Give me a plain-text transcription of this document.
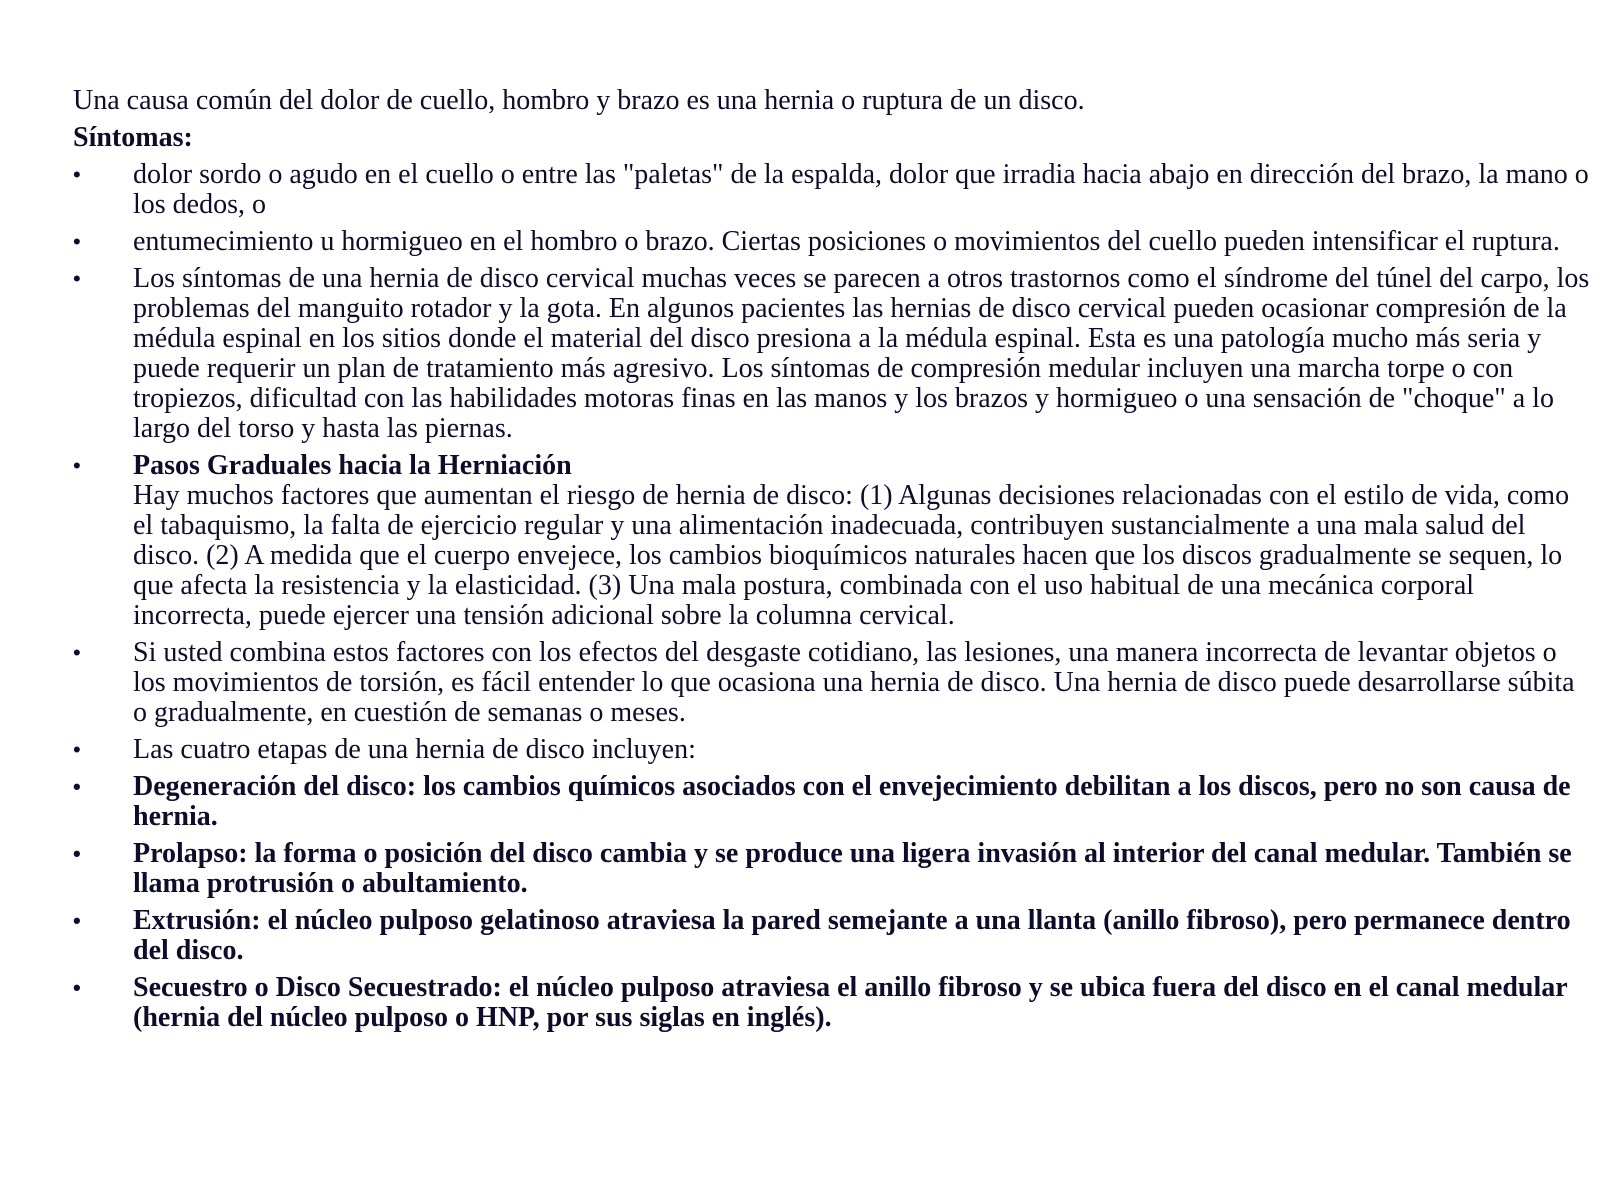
Una causa común del dolor de cuello, hombro y brazo es una hernia o ruptura de un disco.

Síntomas:

•	dolor sordo o agudo en el cuello o entre las "paletas" de la espalda, dolor que irradia hacia abajo en dirección del brazo, la mano o los dedos, o
•	entumecimiento u hormigueo en el hombro o brazo. Ciertas posiciones o movimientos del cuello pueden intensificar el ruptura.
•	Los síntomas de una hernia de disco cervical muchas veces se parecen a otros trastornos como el síndrome del túnel del carpo, los problemas del manguito rotador y la gota. En algunos pacientes las hernias de disco cervical pueden ocasionar compresión de la médula espinal en los sitios donde el material del disco presiona a la médula espinal. Esta es una patología mucho más seria y puede requerir un plan de tratamiento más agresivo. Los síntomas de compresión medular incluyen una marcha torpe o con tropiezos, dificultad con las habilidades motoras finas en las manos y los brazos y hormigueo o una sensación de "choque" a lo largo del torso y hasta las piernas.
•	Pasos Graduales hacia la Herniación
Hay muchos factores que aumentan el riesgo de hernia de disco: (1) Algunas decisiones relacionadas con el estilo de vida, como el tabaquismo, la falta de ejercicio regular y una alimentación inadecuada, contribuyen sustancialmente a una mala salud del disco. (2) A medida que el cuerpo envejece, los cambios bioquímicos naturales hacen que los discos gradualmente se sequen, lo que afecta la resistencia y la elasticidad. (3) Una mala postura, combinada con el uso habitual de una mecánica corporal incorrecta, puede ejercer una tensión adicional sobre la columna cervical.
•	Si usted combina estos factores con los efectos del desgaste cotidiano, las lesiones, una manera incorrecta de levantar objetos o los movimientos de torsión, es fácil entender lo que ocasiona una hernia de disco. Una hernia de disco puede desarrollarse súbita o gradualmente, en cuestión de semanas o meses.
•	Las cuatro etapas de una hernia de disco incluyen:
•	Degeneración del disco: los cambios químicos asociados con el envejecimiento debilitan a los discos, pero no son causa de hernia.
•	Prolapso: la forma o posición del disco cambia y se produce una ligera invasión al interior del canal medular. También se llama protrusión o abultamiento.
•	Extrusión: el núcleo pulposo gelatinoso atraviesa la pared semejante a una llanta (anillo fibroso), pero permanece dentro del disco.
•	Secuestro o Disco Secuestrado: el núcleo pulposo atraviesa el anillo fibroso y se ubica fuera del disco en el canal medular (hernia del núcleo pulposo o HNP, por sus siglas en inglés).
